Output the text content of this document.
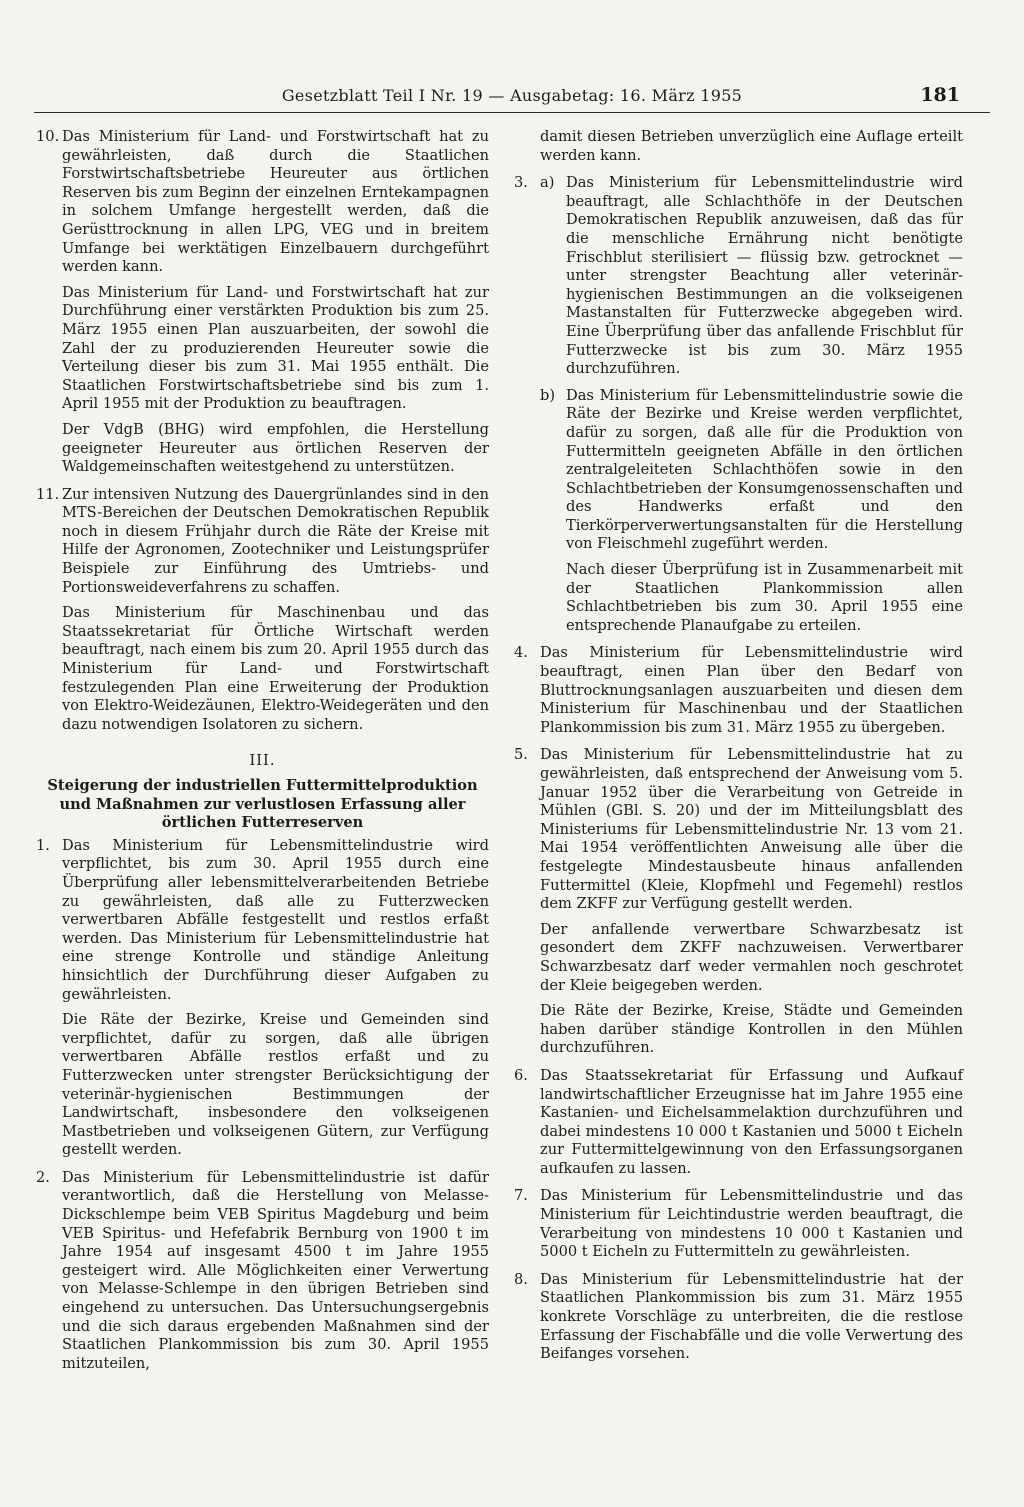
Gesetzblatt Teil I Nr. 19 — Ausgabetag: 16. März 1955	181
10. Das Ministerium für Land- und Forstwirtschaft hat zu gewährleisten, daß durch die Staatlichen Forstwirtschaftsbetriebe Heureuter aus örtlichen Reserven bis zum Beginn der einzelnen Erntekampagnen in solchem Umfange hergestellt werden, daß die Gerüsttrocknung in allen LPG, VEG und in breitem Umfange bei werktätigen Einzelbauern durchgeführt werden kann.

Das Ministerium für Land- und Forstwirtschaft hat zur Durchführung einer verstärkten Produktion bis zum 25. März 1955 einen Plan auszuarbeiten, der sowohl die Zahl der zu produzierenden Heureuter sowie die Verteilung dieser bis zum 31. Mai 1955 enthält. Die Staatlichen Forstwirtschaftsbetriebe sind bis zum 1. April 1955 mit der Produktion zu beauftragen.

Der VdgB (BHG) wird empfohlen, die Herstellung geeigneter Heureuter aus örtlichen Reserven der Waldgemeinschaften weitestgehend zu unterstützen.

11. Zur intensiven Nutzung des Dauergrünlandes sind in den MTS-Bereichen der Deutschen Demokratischen Republik noch in diesem Frühjahr durch die Räte der Kreise mit Hilfe der Agronomen, Zootechniker und Leistungsprüfer Beispiele zur Einführung des Umtriebs- und Portionsweideverfahrens zu schaffen.

Das Ministerium für Maschinenbau und das Staatssekretariat für Örtliche Wirtschaft werden beauftragt, nach einem bis zum 20. April 1955 durch das Ministerium für Land- und Forstwirtschaft festzulegenden Plan eine Erweiterung der Produktion von Elektro-Weidezäunen, Elektro-Weidegeräten und den dazu notwendigen Isolatoren zu sichern.

III.
Steigerung der industriellen Futtermittelproduktion und Maßnahmen zur verlustlosen Erfassung aller örtlichen Futterreserven
1. Das Ministerium für Lebensmittelindustrie wird verpflichtet, bis zum 30. April 1955 durch eine Überprüfung aller lebensmittelverarbeitenden Betriebe zu gewährleisten, daß alle zu Futterzwecken verwertbaren Abfälle festgestellt und restlos erfaßt werden. Das Ministerium für Lebensmittelindustrie hat eine strenge Kontrolle und ständige Anleitung hinsichtlich der Durchführung dieser Aufgaben zu gewährleisten.

Die Räte der Bezirke, Kreise und Gemeinden sind verpflichtet, dafür zu sorgen, daß alle übrigen verwertbaren Abfälle restlos erfaßt und zu Futterzwecken unter strengster Berücksichtigung der veterinär-hygienischen Bestimmungen der Landwirtschaft, insbesondere den volkseigenen Mastbetrieben und volkseigenen Gütern, zur Verfügung gestellt werden.

2. Das Ministerium für Lebensmittelindustrie ist dafür verantwortlich, daß die Herstellung von Melasse-Dickschlempe beim VEB Spiritus Magdeburg und beim VEB Spiritus- und Hefefabrik Bernburg von 1900 t im Jahre 1954 auf insgesamt 4500 t im Jahre 1955 gesteigert wird. Alle Möglichkeiten einer Verwertung von Melasse-Schlempe in den übrigen Betrieben sind eingehend zu untersuchen. Das Untersuchungsergebnis und die sich daraus ergebenden Maßnahmen sind der Staatlichen Plankommission bis zum 30. April 1955 mitzuteilen,

damit diesen Betrieben unverzüglich eine Auflage erteilt werden kann.

3. a) Das Ministerium für Lebensmittelindustrie wird beauftragt, alle Schlachthöfe in der Deutschen Demokratischen Republik anzuweisen, daß das für die menschliche Ernährung nicht benötigte Frischblut sterilisiert — flüssig bzw. getrocknet — unter strengster Beachtung aller veterinär-hygienischen Bestimmungen an die volkseigenen Mastanstalten für Futterzwecke abgegeben wird. Eine Überprüfung über das anfallende Frischblut für Futterzwecke ist bis zum 30. März 1955 durchzuführen.

b) Das Ministerium für Lebensmittelindustrie sowie die Räte der Bezirke und Kreise werden verpflichtet, dafür zu sorgen, daß alle für die Produktion von Futtermitteln geeigneten Abfälle in den örtlichen zentralgeleiteten Schlachthöfen sowie in den Schlachtbetrieben der Konsumgenossenschaften und des Handwerks erfaßt und den Tierkörperverwertungsanstalten für die Herstellung von Fleischmehl zugeführt werden.

Nach dieser Überprüfung ist in Zusammenarbeit mit der Staatlichen Plankommission allen Schlachtbetrieben bis zum 30. April 1955 eine entsprechende Planaufgabe zu erteilen.

4. Das Ministerium für Lebensmittelindustrie wird beauftragt, einen Plan über den Bedarf von Bluttrocknungsanlagen auszuarbeiten und diesen dem Ministerium für Maschinenbau und der Staatlichen Plankommission bis zum 31. März 1955 zu übergeben.

5. Das Ministerium für Lebensmittelindustrie hat zu gewährleisten, daß entsprechend der Anweisung vom 5. Januar 1952 über die Verarbeitung von Getreide in Mühlen (GBl. S. 20) und der im Mitteilungsblatt des Ministeriums für Lebensmittelindustrie Nr. 13 vom 21. Mai 1954 veröffentlichten Anweisung alle über die festgelegte Mindestausbeute hinaus anfallenden Futtermittel (Kleie, Klopfmehl und Fegemehl) restlos dem ZKFF zur Verfügung gestellt werden.

Der anfallende verwertbare Schwarzbesatz ist gesondert dem ZKFF nachzuweisen. Verwertbarer Schwarzbesatz darf weder vermahlen noch geschrotet der Kleie beigegeben werden.

Die Räte der Bezirke, Kreise, Städte und Gemeinden haben darüber ständige Kontrollen in den Mühlen durchzuführen.

6. Das Staatssekretariat für Erfassung und Aufkauf landwirtschaftlicher Erzeugnisse hat im Jahre 1955 eine Kastanien- und Eichelsammelaktion durchzuführen und dabei mindestens 10 000 t Kastanien und 5000 t Eicheln zur Futtermittelgewinnung von den Erfassungsorganen aufkaufen zu lassen.

7. Das Ministerium für Lebensmittelindustrie und das Ministerium für Leichtindustrie werden beauftragt, die Verarbeitung von mindestens 10 000 t Kastanien und 5000 t Eicheln zu Futtermitteln zu gewährleisten.

8. Das Ministerium für Lebensmittelindustrie hat der Staatlichen Plankommission bis zum 31. März 1955 konkrete Vorschläge zu unterbreiten, die die restlose Erfassung der Fischabfälle und die volle Verwertung des Beifanges vorsehen.
